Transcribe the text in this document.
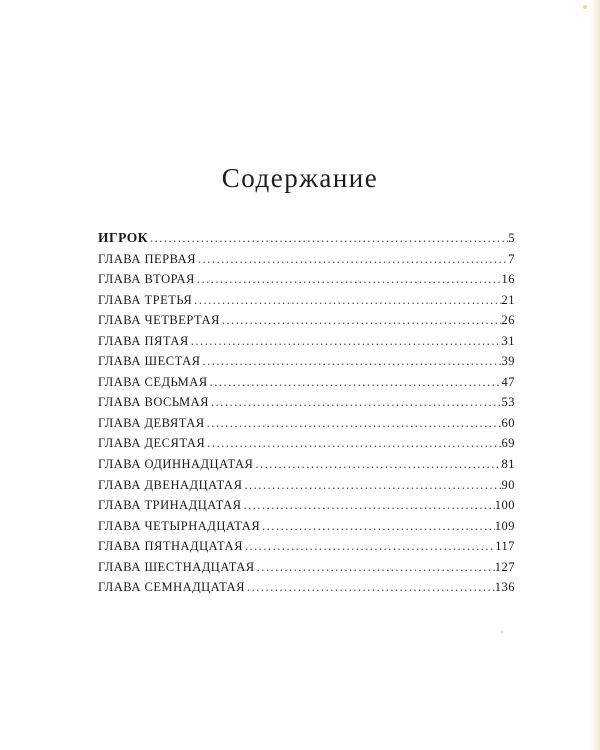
Содержание
ИГРОК .....	5
ГЛАВА ПЕРВАЯ .....	7
ГЛАВА ВТОРАЯ .....	16
ГЛАВА ТРЕТЬЯ .....	21
ГЛАВА ЧЕТВЕРТАЯ .....	26
ГЛАВА ПЯТАЯ .....	31
ГЛАВА ШЕСТАЯ .....	39
ГЛАВА СЕДЬМАЯ .....	47
ГЛАВА ВОСЬМАЯ .....	53
ГЛАВА ДЕВЯТАЯ .....	60
ГЛАВА ДЕСЯТАЯ .....	69
ГЛАВА ОДИННАДЦАТАЯ .....	81
ГЛАВА ДВЕНАДЦАТАЯ .....	90
ГЛАВА ТРИНАДЦАТАЯ .....	100
ГЛАВА ЧЕТЫРНАДЦАТАЯ .....	109
ГЛАВА ПЯТНАДЦАТАЯ .....	117
ГЛАВА ШЕСТНАДЦАТАЯ .....	127
ГЛАВА СЕМНАДЦАТАЯ .....	136
